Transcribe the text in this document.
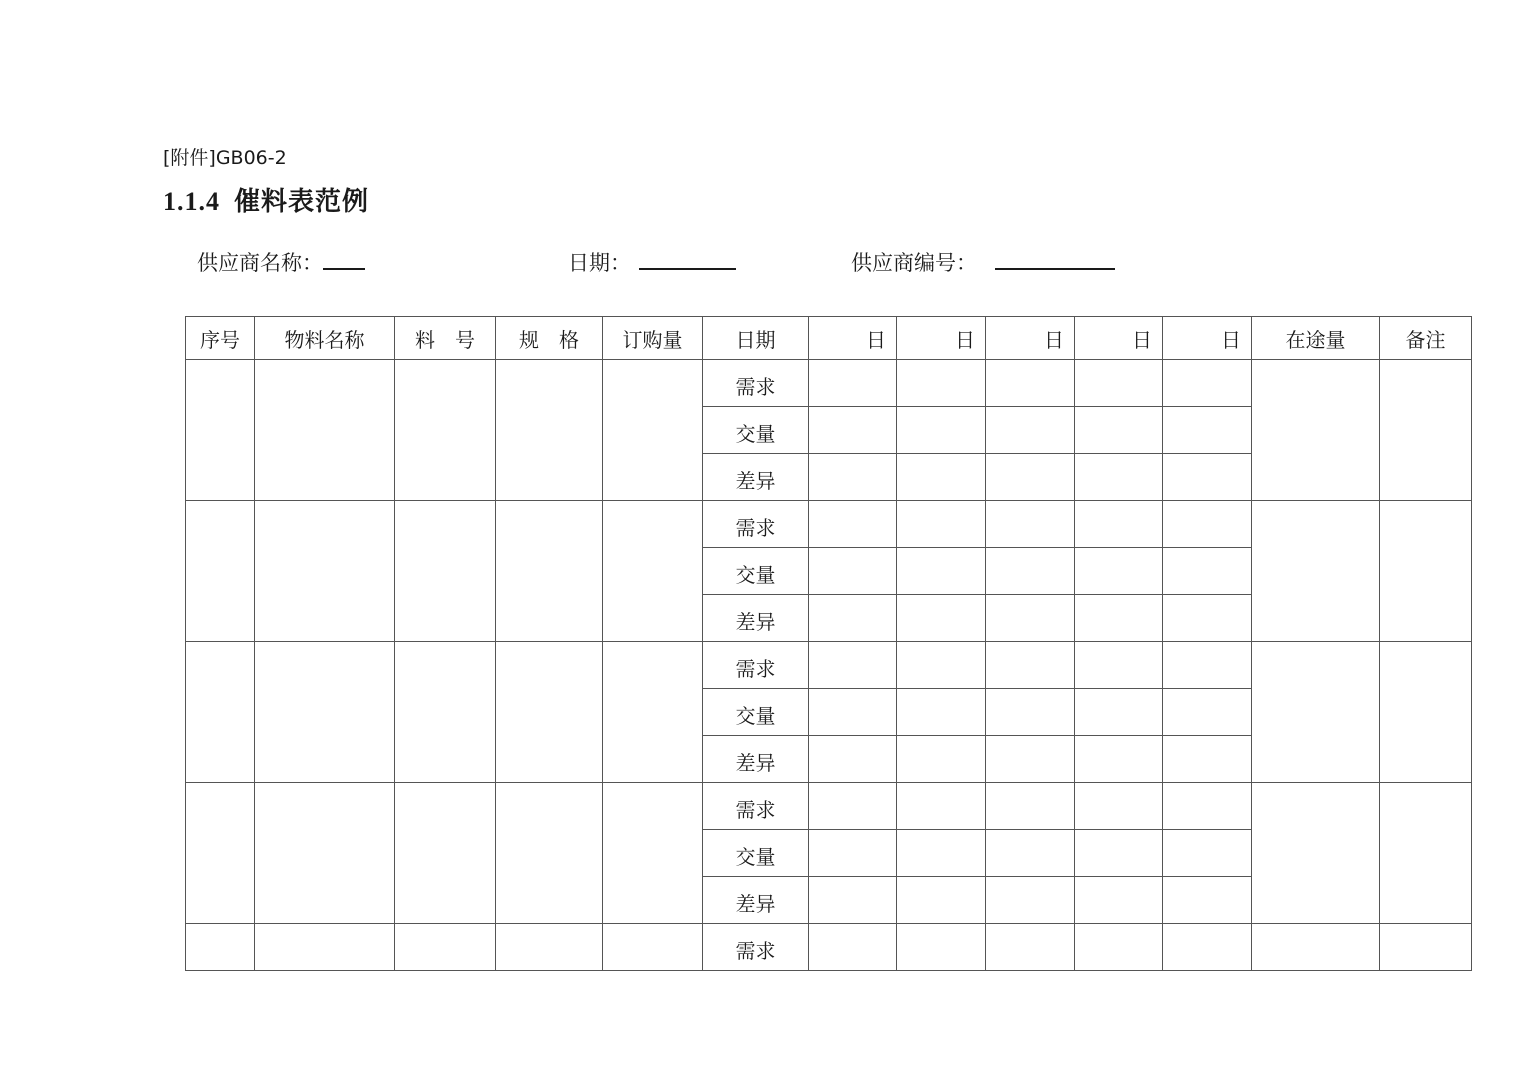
[附件]GB06-2
1.1.4 催料表范例
供应商名称：	日期：	供应商编号：
序号	物料名称	料　号	规　格	订购量	日期	日	日	日	日	日	在途量	备注
					需求							
					交量							
					差异							
					需求							
					交量							
					差异							
					需求							
					交量							
					差异							
					需求							
					交量							
					差异							
					需求							
